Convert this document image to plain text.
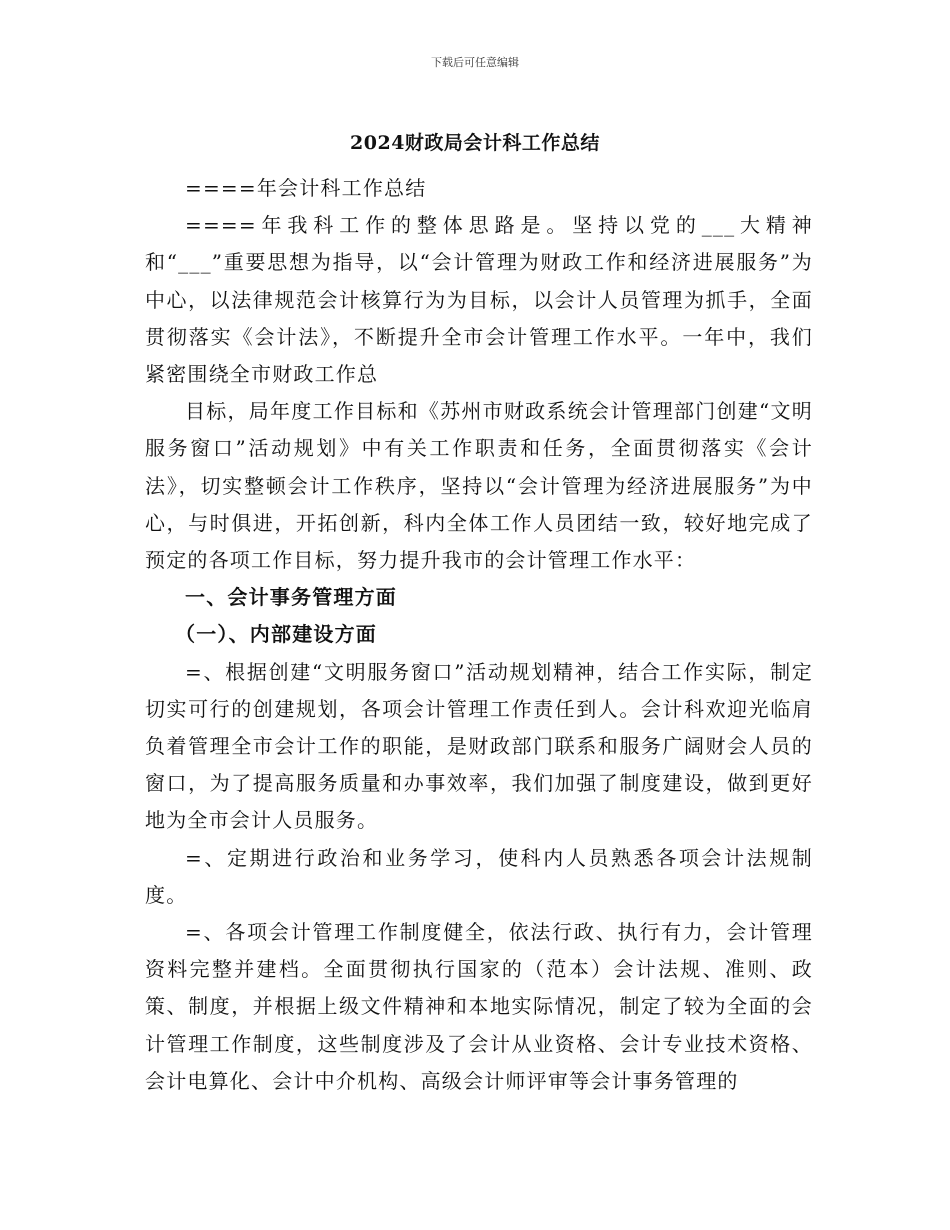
下载后可任意编辑
2024财政局会计科工作总结

====年会计科工作总结

====年我科工作的整体思路是。坚持以党的___大精神和“___”重要思想为指导，以“会计管理为财政工作和经济进展服务”为中心，以法律规范会计核算行为为目标，以会计人员管理为抓手，全面贯彻落实《会计法》，不断提升全市会计管理工作水平。一年中，我们紧密围绕全市财政工作总

目标，局年度工作目标和《苏州市财政系统会计管理部门创建“文明服务窗口”活动规划》中有关工作职责和任务，全面贯彻落实《会计法》，切实整顿会计工作秩序，坚持以“会计管理为经济进展服务”为中心，与时俱进，开拓创新，科内全体工作人员团结一致，较好地完成了预定的各项工作目标，努力提升我市的会计管理工作水平：

一、会计事务管理方面

（一）、内部建设方面

=、根据创建“文明服务窗口”活动规划精神，结合工作实际，制定切实可行的创建规划，各项会计管理工作责任到人。会计科欢迎光临肩负着管理全市会计工作的职能，是财政部门联系和服务广阔财会人员的窗口，为了提高服务质量和办事效率，我们加强了制度建设，做到更好地为全市会计人员服务。

=、定期进行政治和业务学习，使科内人员熟悉各项会计法规制度。

=、各项会计管理工作制度健全，依法行政、执行有力，会计管理资料完整并建档。全面贯彻执行国家的（范本）会计法规、准则、政策、制度，并根据上级文件精神和本地实际情况，制定了较为全面的会计管理工作制度，这些制度涉及了会计从业资格、会计专业技术资格、会计电算化、会计中介机构、高级会计师评审等会计事务管理的
